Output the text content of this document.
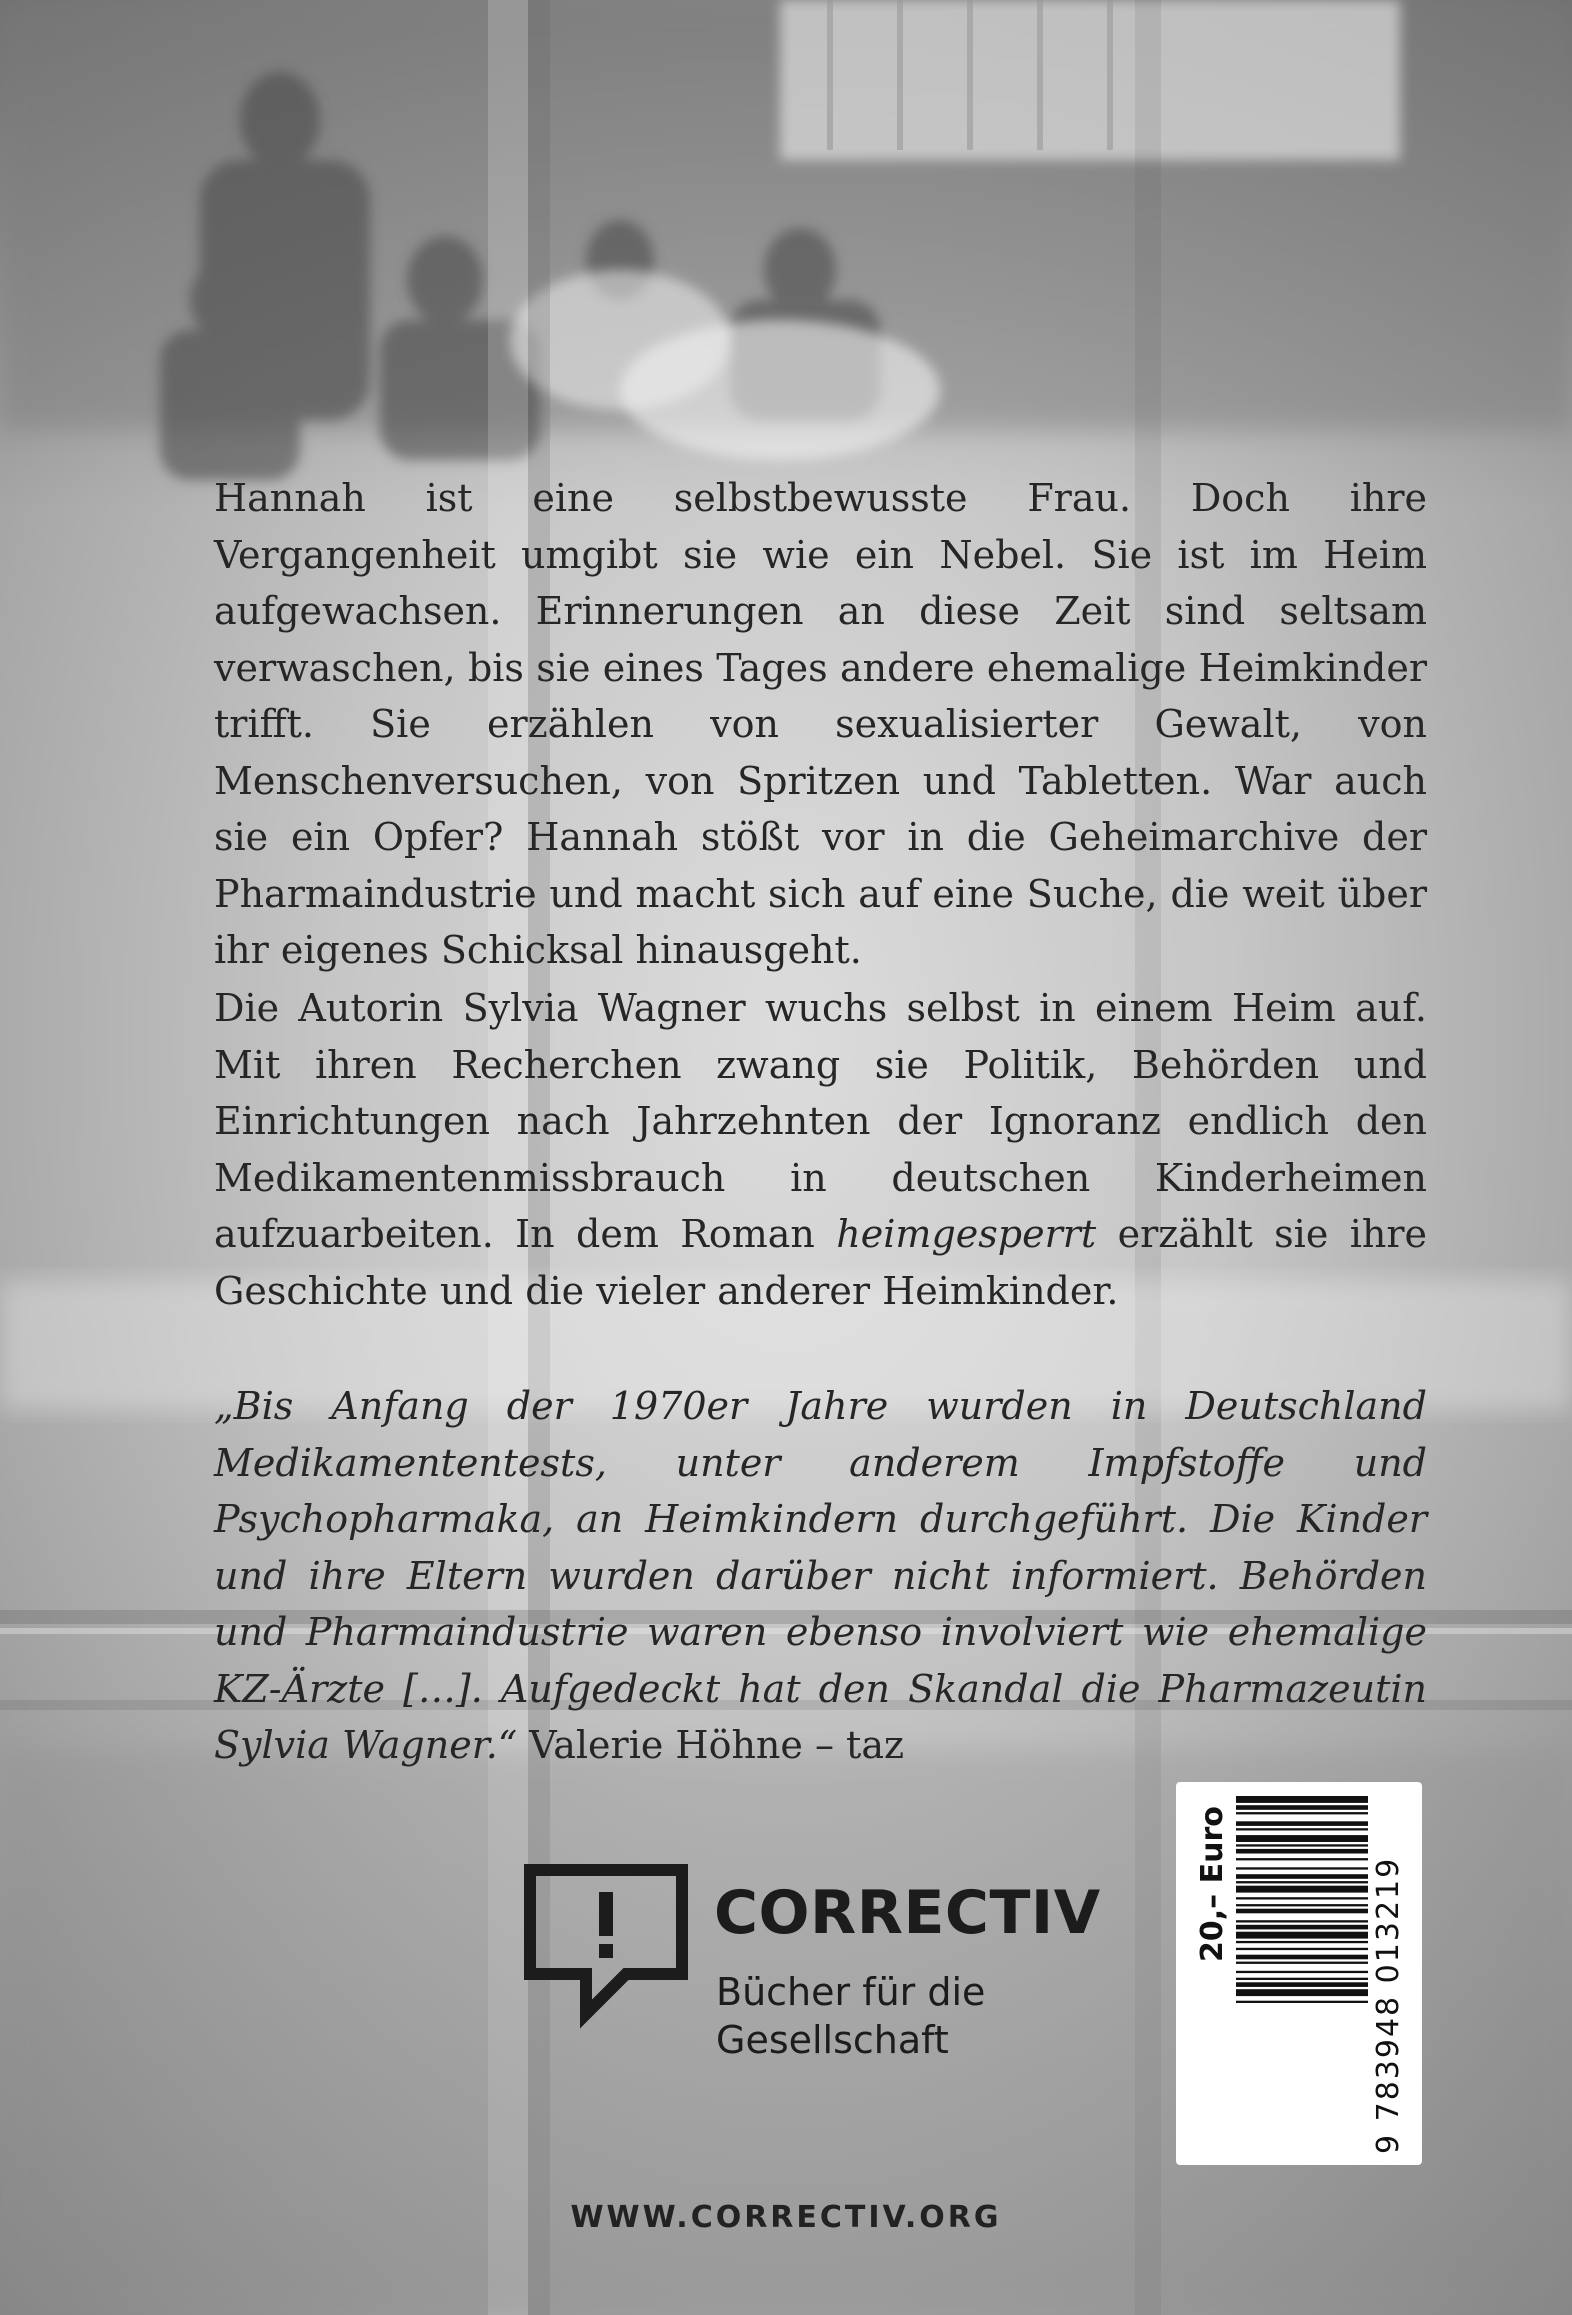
Hannah ist eine selbstbewusste Frau. Doch ihre Vergangenheit umgibt sie wie ein Nebel. Sie ist im Heim aufgewachsen. Erinnerungen an diese Zeit sind seltsam verwaschen, bis sie eines Tages andere ehemalige Heimkinder trifft. Sie erzählen von sexualisierter Gewalt, von Menschenversuchen, von Spritzen und Tabletten. War auch sie ein Opfer? Hannah stößt vor in die Geheimarchive der Pharmaindustrie und macht sich auf eine Suche, die weit über ihr eigenes Schicksal hinausgeht.

Die Autorin Sylvia Wagner wuchs selbst in einem Heim auf. Mit ihren Recherchen zwang sie Politik, Behörden und Einrichtungen nach Jahrzehnten der Ignoranz endlich den Medikamentenmissbrauch in deutschen Kinderheimen aufzuarbeiten. In dem Roman heimgesperrt erzählt sie ihre Geschichte und die vieler anderer Heimkinder.

„Bis Anfang der 1970er Jahre wurden in Deutschland Medikamententests, unter anderem Impfstoffe und Psychopharmaka, an Heimkindern durchgeführt. Die Kinder und ihre Eltern wurden darüber nicht informiert. Behörden und Pharmaindustrie waren ebenso involviert wie ehemalige KZ-Ärzte […]. Aufgedeckt hat den Skandal die Pharmazeutin Sylvia Wagner.“ Valerie Höhne – taz

CORRECTIV
Bücher für die Gesellschaft	9 783948 013219
20,– Euro
WWW.CORRECTIV.ORG
